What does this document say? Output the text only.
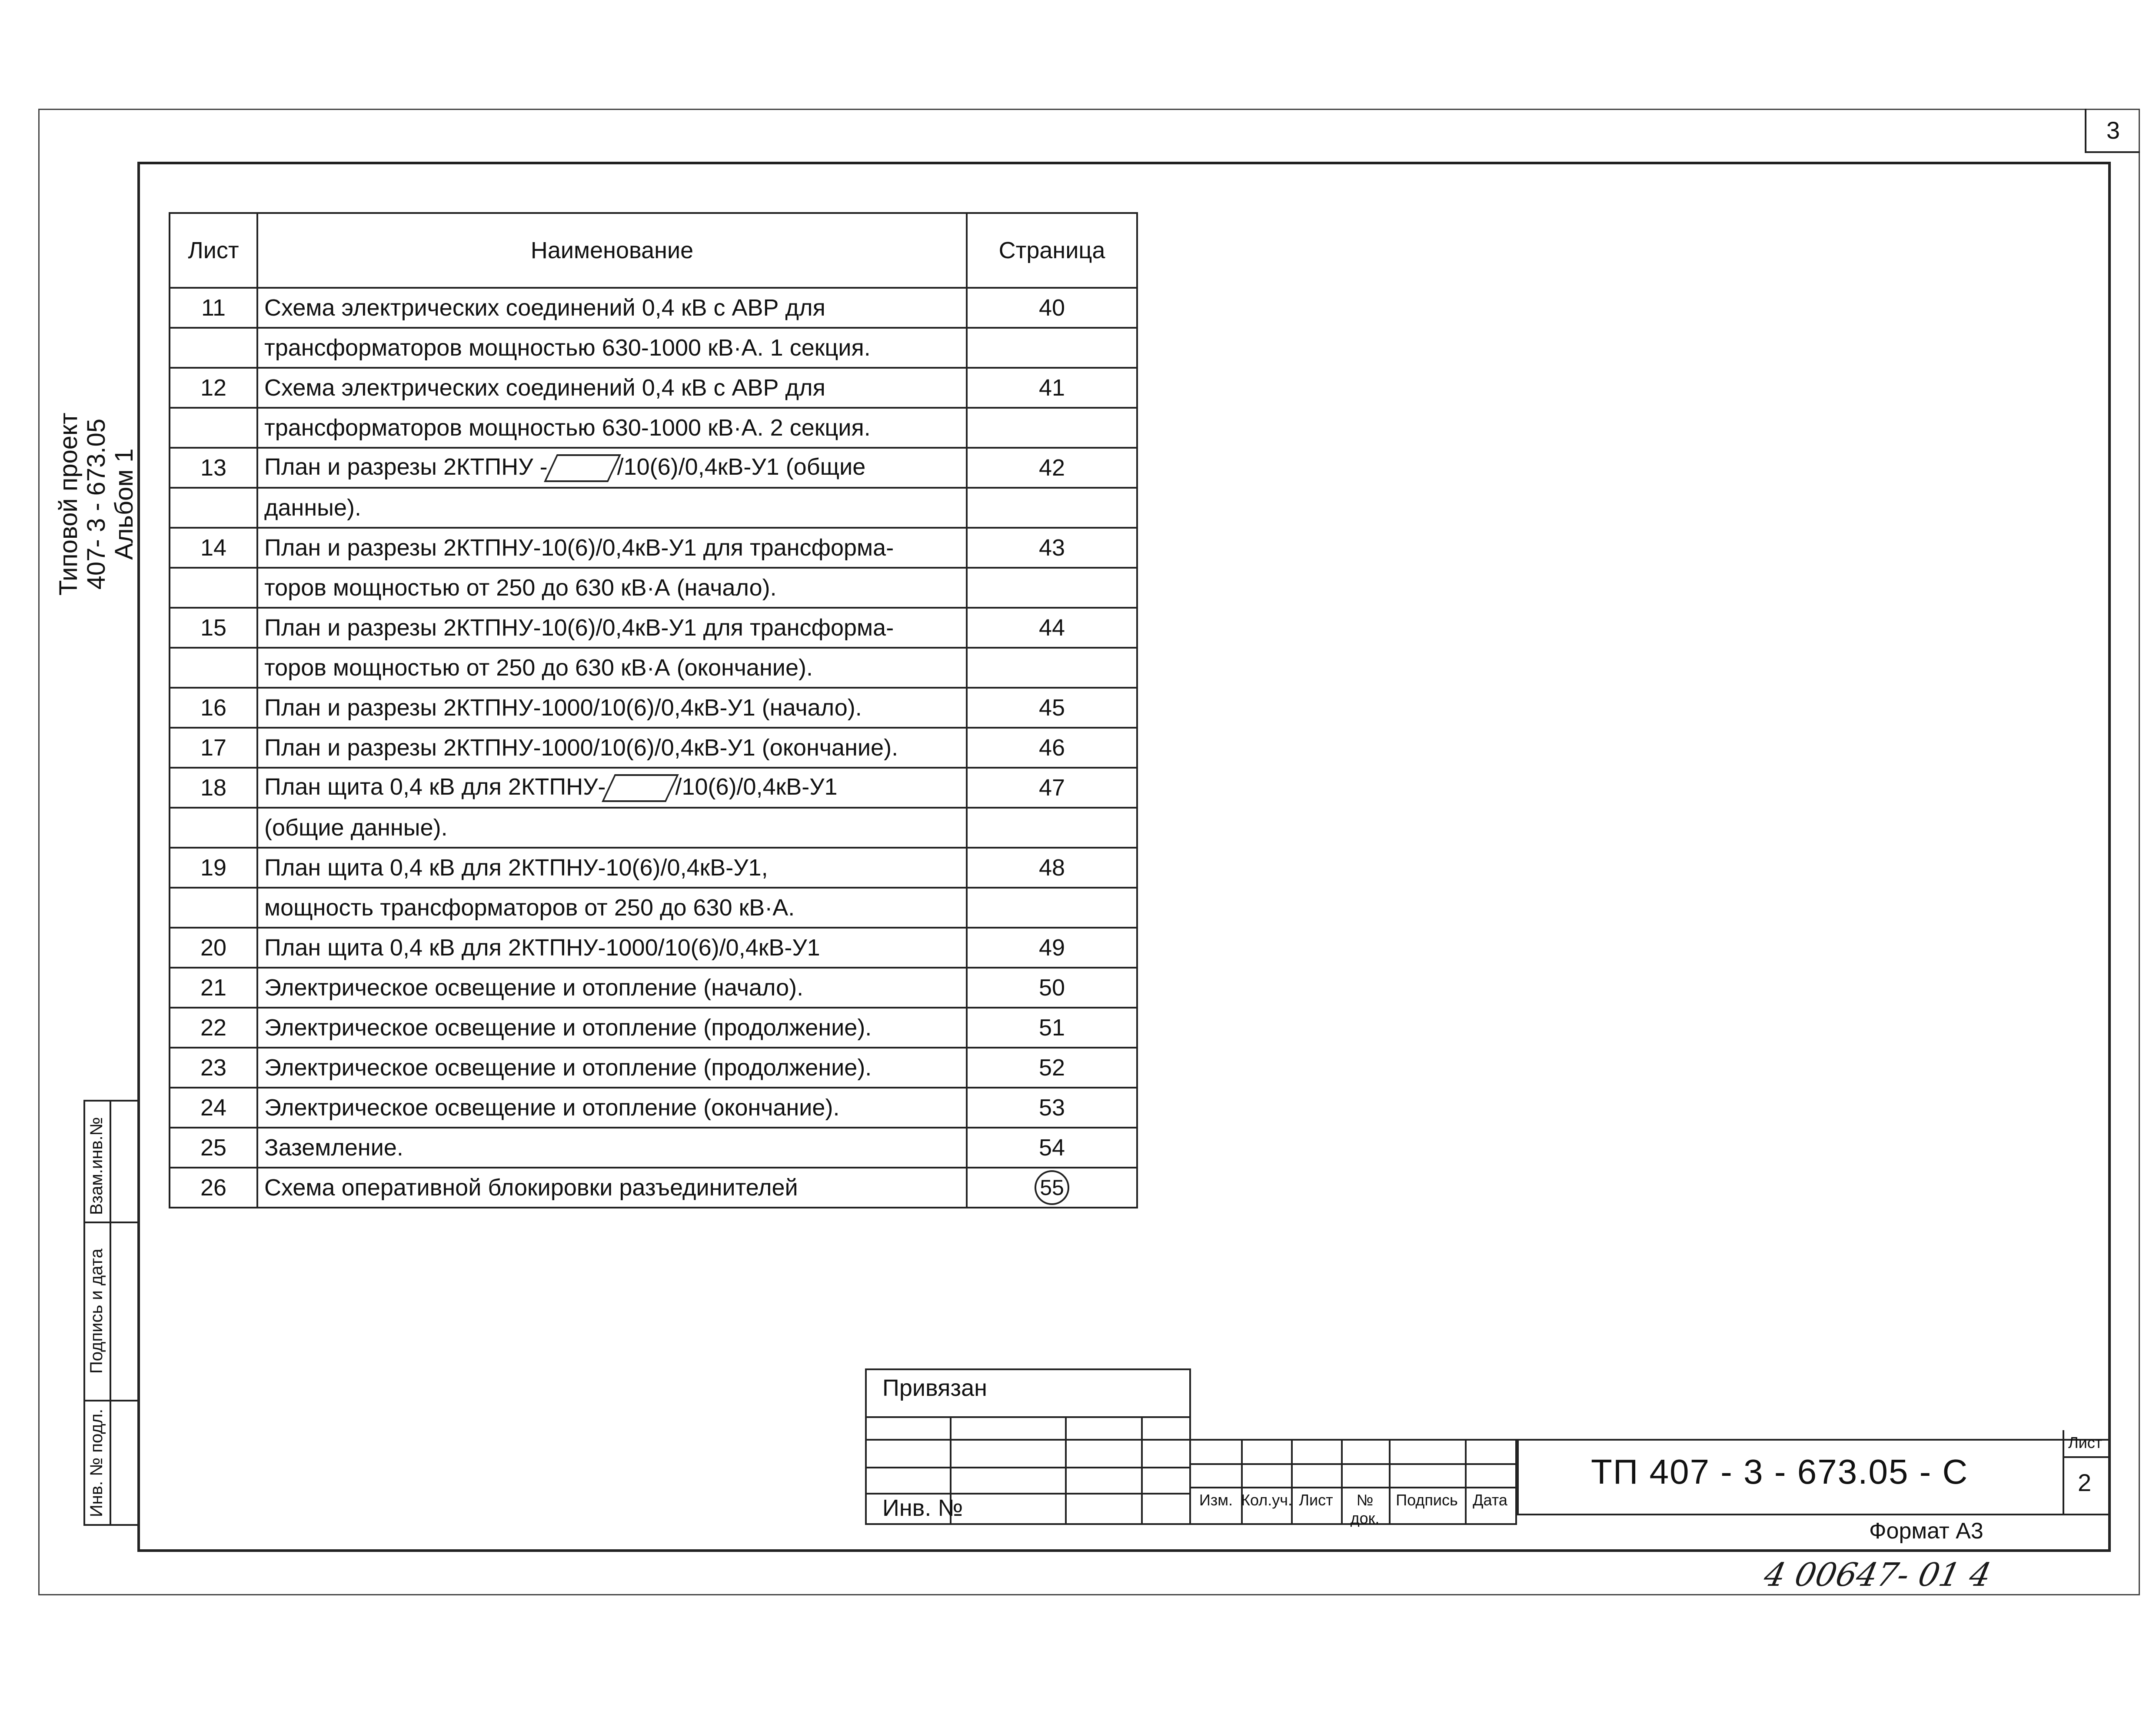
3
Типовой проект 407- 3 - 673.05 Альбом 1
Взам.инв.№
Подпись и дата
Инв. № подл.
Лист	Наименование	Страница
11	Схема электрических соединений 0,4 кВ с АВР для	40
	трансформаторов мощностью 630-1000 кВ·А. 1 секция.	
12	Схема электрических соединений 0,4 кВ с АВР для	41
	трансформаторов мощностью 630-1000 кВ·А. 2 секция.	
13	План и разрезы 2КТПНУ - /10(6)/0,4кВ-У1 (общие	42
	данные).	
14	План и разрезы 2КТПНУ-10(6)/0,4кВ-У1 для трансформа-	43
	торов мощностью от 250 до 630 кВ·А (начало).	
15	План и разрезы 2КТПНУ-10(6)/0,4кВ-У1 для трансформа-	44
	торов мощностью от 250 до 630 кВ·А (окончание).	
16	План и разрезы 2КТПНУ-1000/10(6)/0,4кВ-У1 (начало).	45
17	План и разрезы 2КТПНУ-1000/10(6)/0,4кВ-У1 (окончание).	46
18	План щита 0,4 кВ для 2КТПНУ- /10(6)/0,4кВ-У1	47
	(общие данные).	
19	План щита 0,4 кВ для 2КТПНУ-10(6)/0,4кВ-У1,	48
	мощность трансформаторов от 250 до 630 кВ·А.	
20	План щита 0,4 кВ для 2КТПНУ-1000/10(6)/0,4кВ-У1	49
21	Электрическое освещение и отопление (начало).	50
22	Электрическое освещение и отопление (продолжение).	51
23	Электрическое освещение и отопление (продолжение).	52
24	Электрическое освещение и отопление (окончание).	53
25	Заземление.	54
26	Схема оперативной блокировки разъединителей	55
Привязан
Инв. №	Изм. Кол.уч. Лист	№ док.
Подпись Дата
ТП 407 - 3 - 673.05 - С
Лист
2
Формат А3
4 00647- 01 4
